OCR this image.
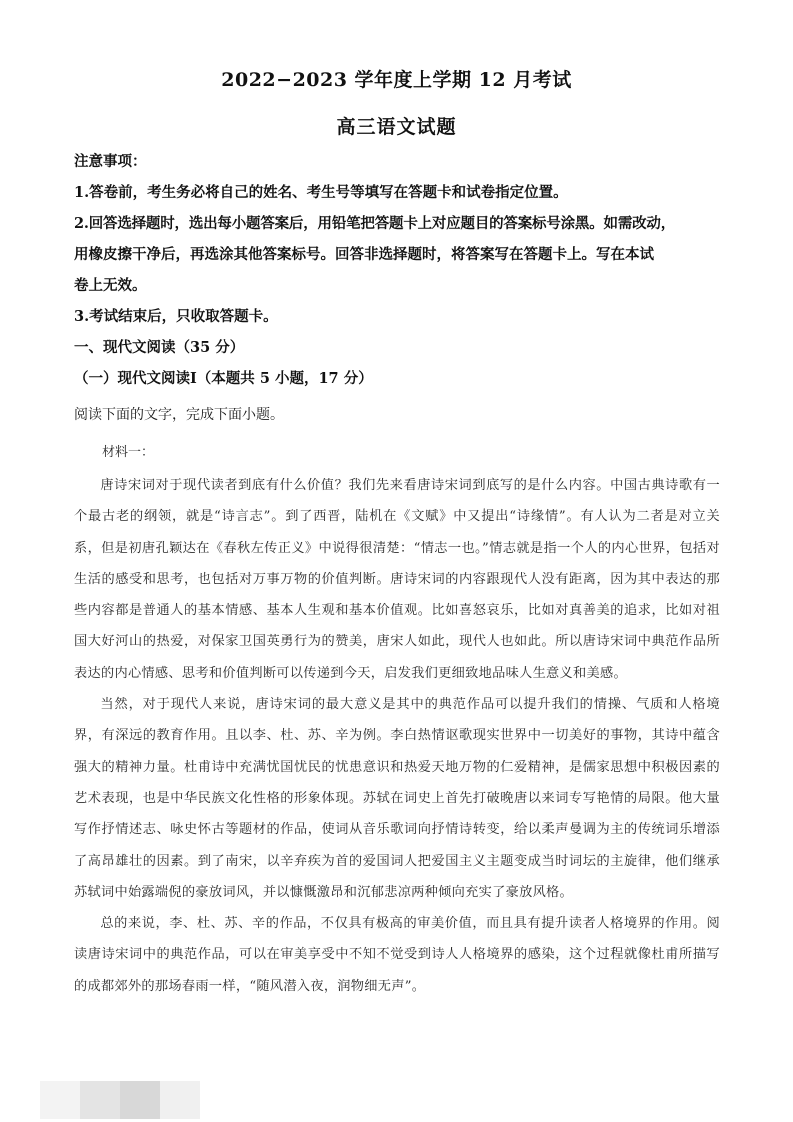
2022−2023 学年度上学期 12 月考试
高三语文试题

注意事项：

1.答卷前，考生务必将自己的姓名、考生号等填写在答题卡和试卷指定位置。

2.回答选择题时，选出每小题答案后，用铅笔把答题卡上对应题目的答案标号涂黑。如需改动，

用橡皮擦干净后，再选涂其他答案标号。回答非选择题时，将答案写在答题卡上。写在本试

卷上无效。

3.考试结束后，只收取答题卡。

一、现代文阅读（35 分）

（一）现代文阅读Ⅰ（本题共 5 小题，17 分）

阅读下面的文字，完成下面小题。
材料一：

唐诗宋词对于现代读者到底有什么价值？我们先来看唐诗宋词到底写的是什么内容。中国古典诗歌有一个最古老的纲领，就是“诗言志”。到了西晋，陆机在《文赋》中又提出“诗缘情”。有人认为二者是对立关系，但是初唐孔颖达在《春秋左传正义》中说得很清楚：“情志一也。”情志就是指一个人的内心世界，包括对生活的感受和思考，也包括对万事万物的价值判断。唐诗宋词的内容跟现代人没有距离，因为其中表达的那些内容都是普通人的基本情感、基本人生观和基本价值观。比如喜怒哀乐，比如对真善美的追求，比如对祖国大好河山的热爱，对保家卫国英勇行为的赞美，唐宋人如此，现代人也如此。所以唐诗宋词中典范作品所表达的内心情感、思考和价值判断可以传递到今天，启发我们更细致地品味人生意义和美感。

当然，对于现代人来说，唐诗宋词的最大意义是其中的典范作品可以提升我们的情操、气质和人格境界，有深远的教育作用。且以李、杜、苏、辛为例。李白热情讴歌现实世界中一切美好的事物，其诗中蕴含强大的精神力量。杜甫诗中充满忧国忧民的忧患意识和热爱天地万物的仁爱精神，是儒家思想中积极因素的艺术表现，也是中华民族文化性格的形象体现。苏轼在词史上首先打破晚唐以来词专写艳情的局限。他大量写作抒情述志、咏史怀古等题材的作品，使词从音乐歌词向抒情诗转变，给以柔声曼调为主的传统词乐增添了高昂雄壮的因素。到了南宋，以辛弃疾为首的爱国词人把爱国主义主题变成当时词坛的主旋律，他们继承苏轼词中始露端倪的豪放词风，并以慷慨激昂和沉郁悲凉两种倾向充实了豪放风格。

总的来说，李、杜、苏、辛的作品，不仅具有极高的审美价值，而且具有提升读者人格境界的作用。阅读唐诗宋词中的典范作品，可以在审美享受中不知不觉受到诗人人格境界的感染，这个过程就像杜甫所描写的成都郊外的那场春雨一样，“随风潜入夜，润物细无声”。
